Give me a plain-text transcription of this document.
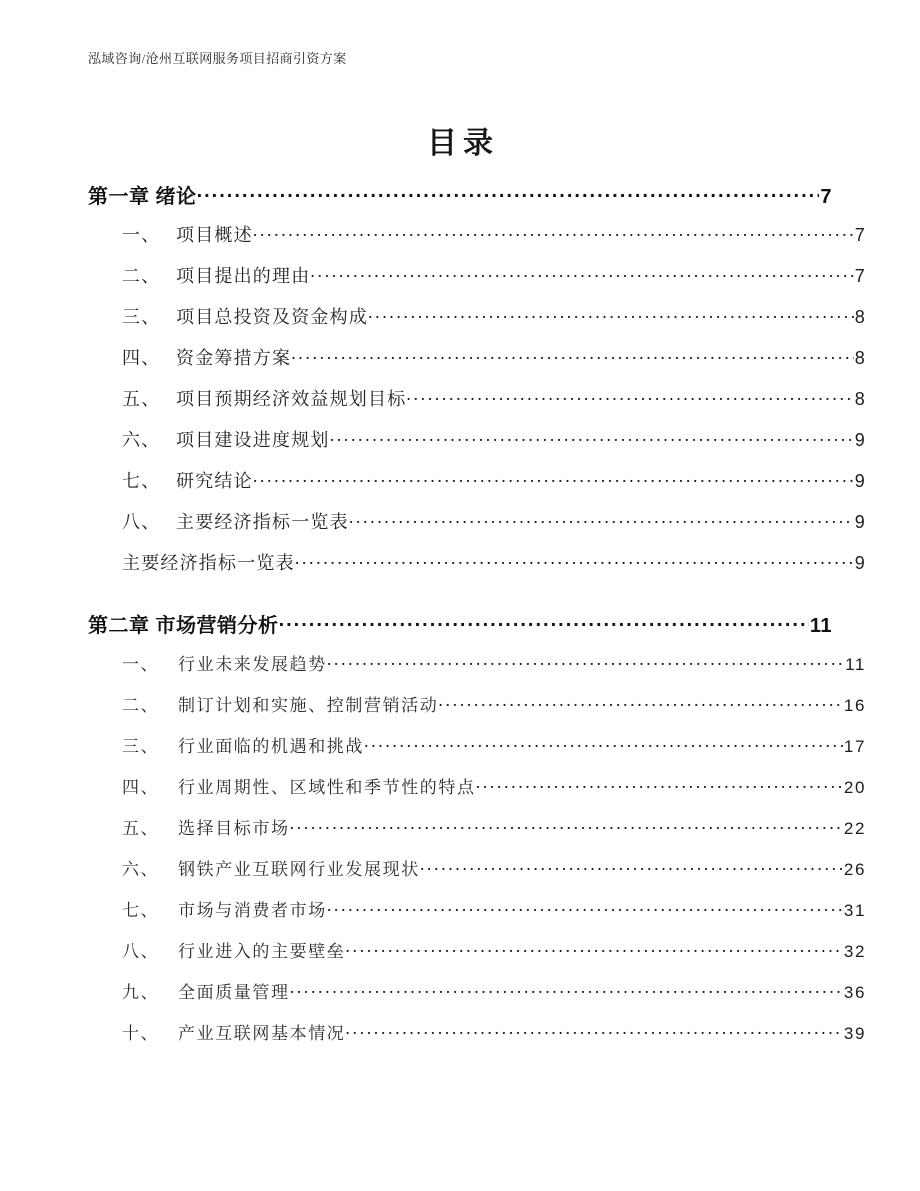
泓域咨询/沧州互联网服务项目招商引资方案
目录
第一章 绪论 .....	7
一、 项目概述 .....	7
二、 项目提出的理由 .....	7
三、 项目总投资及资金构成 .....	8
四、 资金筹措方案 .....	8
五、 项目预期经济效益规划目标 .....	8
六、 项目建设进度规划 .....	9
七、 研究结论 .....	9
八、 主要经济指标一览表 .....	9
主要经济指标一览表 .....	9
第二章 市场营销分析 .....	11
一、 行业未来发展趋势 .....	11
二、 制订计划和实施、控制营销活动 .....	16
三、 行业面临的机遇和挑战 .....	17
四、 行业周期性、区域性和季节性的特点 .....	20
五、 选择目标市场 .....	22
六、 钢铁产业互联网行业发展现状 .....	26
七、 市场与消费者市场 .....	31
八、 行业进入的主要壁垒 .....	32
九、 全面质量管理 .....	36
十、 产业互联网基本情况 .....	39
